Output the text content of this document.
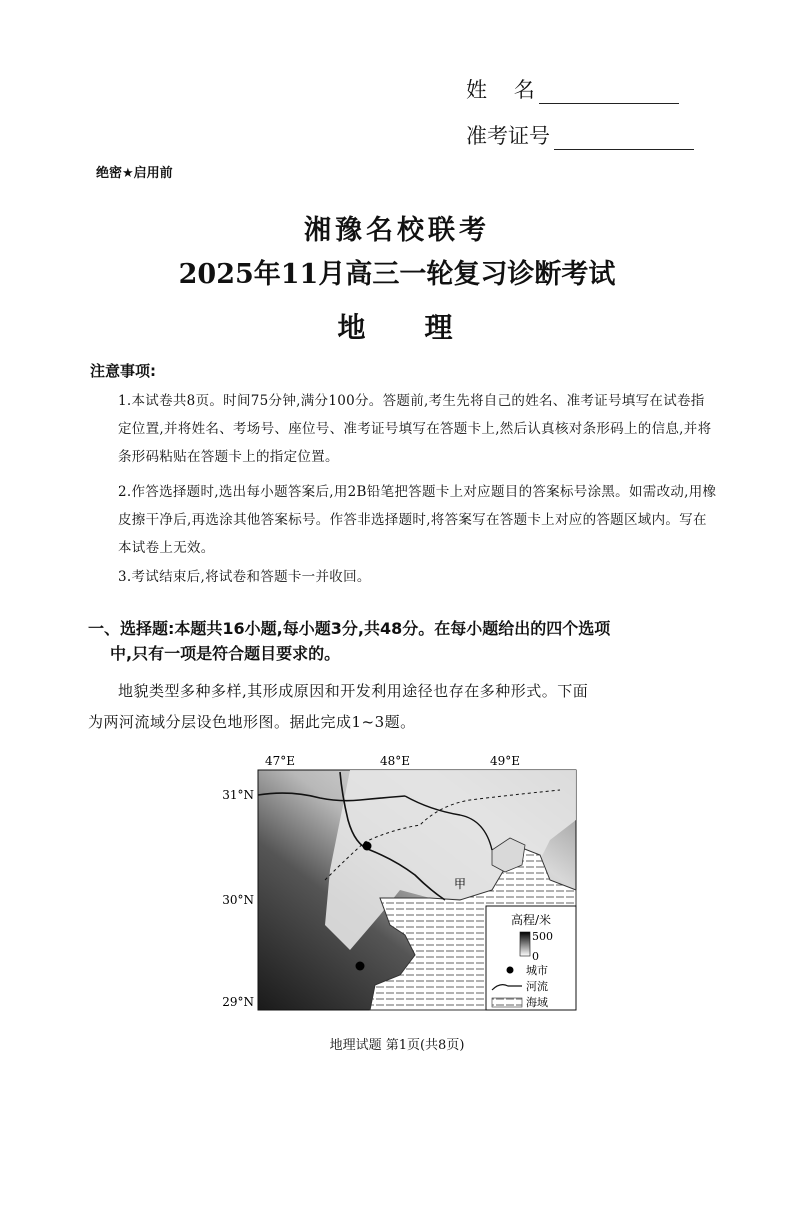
姓    名
准考证号
绝密★启用前
湘豫名校联考
2025年11月高三一轮复习诊断考试
地    理
注意事项:
1.本试卷共8页。时间75分钟,满分100分。答题前,考生先将自己的姓名、准考证号填写在试卷指定位置,并将姓名、考场号、座位号、准考证号填写在答题卡上,然后认真核对条形码上的信息,并将条形码粘贴在答题卡上的指定位置。
2.作答选择题时,选出每小题答案后,用2B铅笔把答题卡上对应题目的答案标号涂黑。如需改动,用橡皮擦干净后,再选涂其他答案标号。作答非选择题时,将答案写在答题卡上对应的答题区域内。写在本试卷上无效。
3.考试结束后,将试卷和答题卡一并收回。
一、选择题:本题共16小题,每小题3分,共48分。在每小题给出的四个选项
中,只有一项是符合题目要求的。
地貌类型多种多样,其形成原因和开发利用途径也存在多种形式。下面
为两河流域分层设色地形图。据此完成1~3题。
47°E	48°E	49°E
31°N
30°N
29°N
甲
高程/米
500
0
城市
河流
海域
地理试题 第1页(共8页)
